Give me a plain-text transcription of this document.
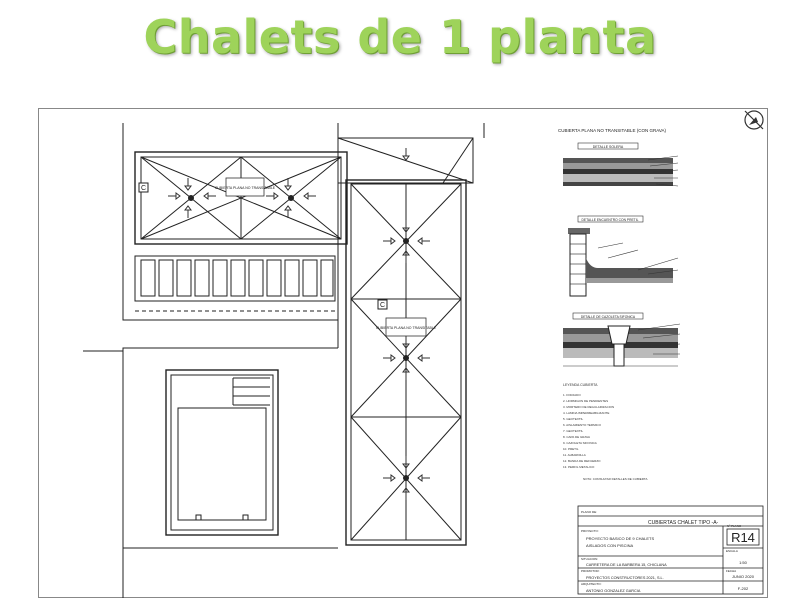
Chalets de 1 planta
CUBIERTA PLANA NO TRANSITABLE
CUBIERTA PLANA NO TRANSITABLE
C
C
CUBIERTA PLANA NO TRANSITABLE (CON GRAVA)
DETALLE SOLERA
DETALLE ENCUENTRO CON PRETIL
DETALLE DE CAZOLETA SIFONICA
LEYENDA CUBIERTA
1. FORJADO
2. HORMIGON DE PENDIENTES
3. MORTERO DE REGULARIZACION
4. LAMINA IMPERMEABILIZANTE
5. GEOTEXTIL
6. AISLAMIENTO TERMICO
7. GEOTEXTIL
8. CAPA DE GRAVA
9. CAZOLETA SIFONICA
10. PRETIL
11. ALBARDILLA
12. BANDA DE REFUERZO
13. PERFIL METALICO
NOTA: CONSULTAR DETALLES DE CUBIERTA
PLANO DE:
CUBIERTAS CHALET TIPO -A-
PROYECTO:
PROYECTO BASICO DE 9 CHALETS
AISLADOS CON PISCINA
Nº PLANO
R14
SITUACION:
CARRETERA DE LA BARBERA 15, CHICLANA
PROMOTOR:
PROYECTOS CONSTRUCTORES 2021, S.L.
ARQUITECTO:
ANTONIO GONZALEZ GARCIA
ESCALA
1:50
FECHA
JUNIO 2020
F-202
